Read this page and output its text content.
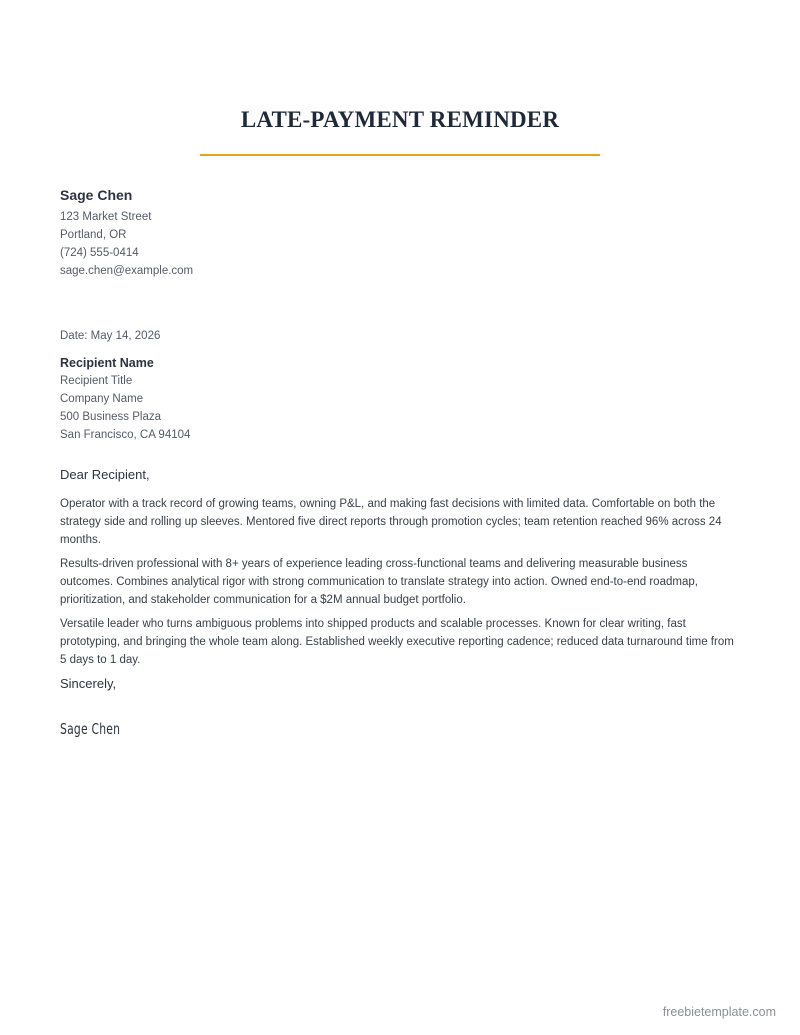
LATE-PAYMENT REMINDER
Sage Chen
123 Market Street
Portland, OR
(724) 555-0414
sage.chen@example.com
Date: May 14, 2026
Recipient Name
Recipient Title
Company Name
500 Business Plaza
San Francisco, CA 94104
Dear Recipient,

Operator with a track record of growing teams, owning P&L, and making fast decisions with limited data. Comfortable on both the strategy side and rolling up sleeves. Mentored five direct reports through promotion cycles; team retention reached 96% across 24 months.

Results-driven professional with 8+ years of experience leading cross-functional teams and delivering measurable business outcomes. Combines analytical rigor with strong communication to translate strategy into action. Owned end-to-end roadmap, prioritization, and stakeholder communication for a $2M annual budget portfolio.

Versatile leader who turns ambiguous problems into shipped products and scalable processes. Known for clear writing, fast prototyping, and bringing the whole team along. Established weekly executive reporting cadence; reduced data turnaround time from 5 days to 1 day.

Sincerely,
Sage Chen
freebietemplate.com
